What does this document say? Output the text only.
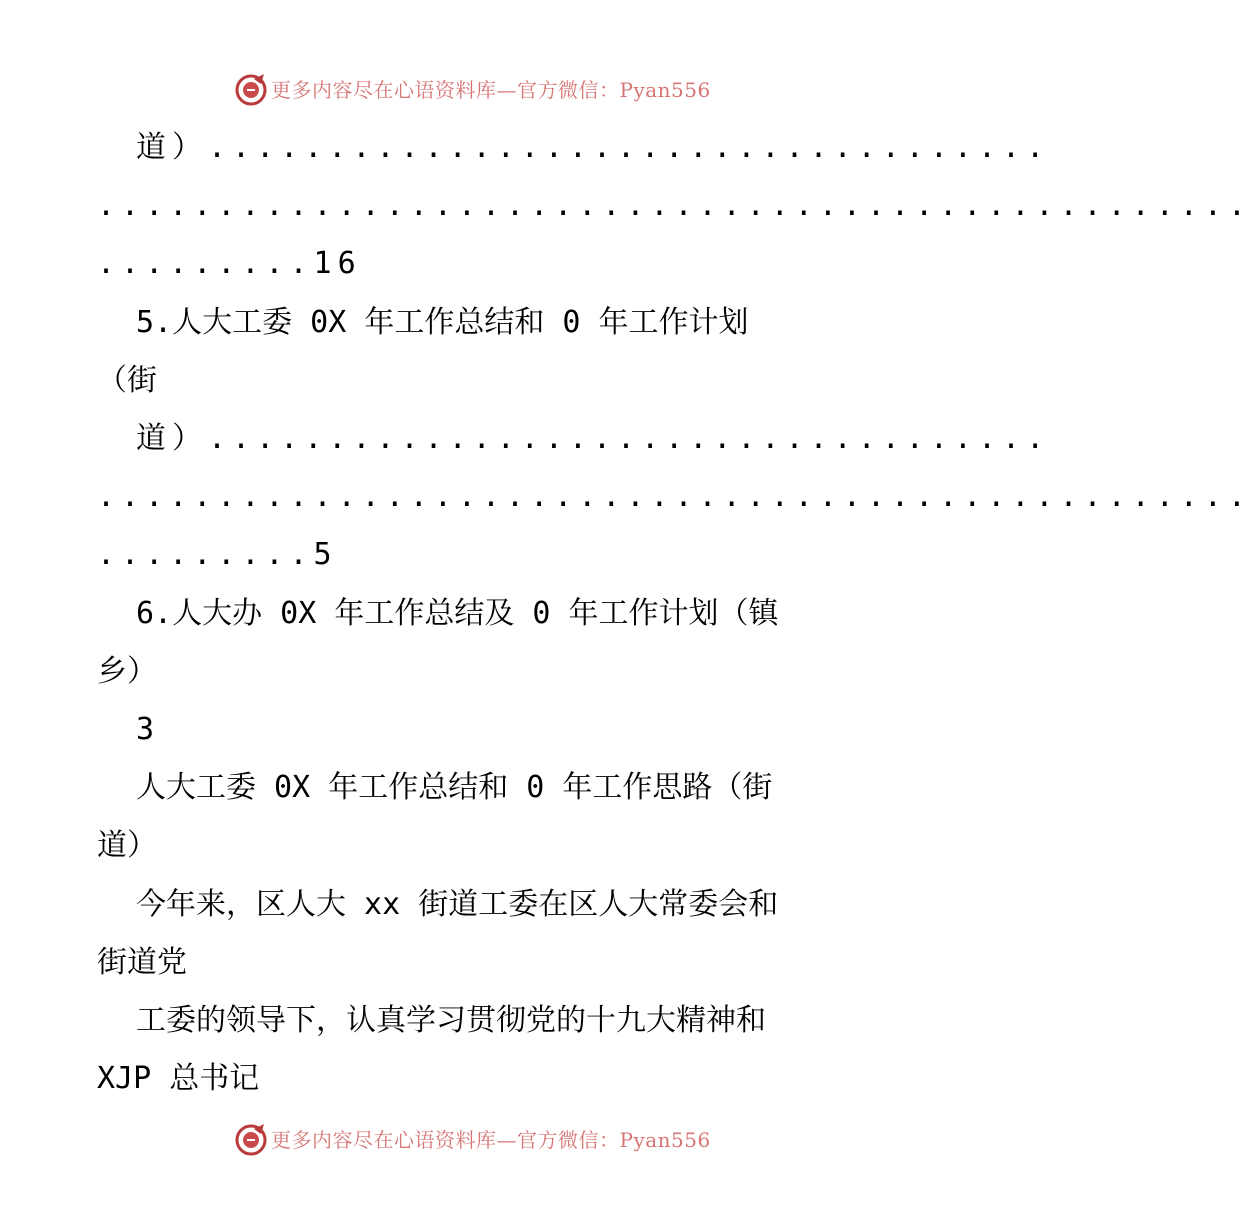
更多内容尽在心语资料库—官方微信：Pyan556
道）...................................
................................................
.........16
5.人大工委 0X 年工作总结和 0 年工作计划
（街
道）...................................
................................................
.........5
6.人大办 0X 年工作总结及 0 年工作计划（镇
乡）
3
人大工委 0X 年工作总结和 0 年工作思路（街
道）
今年来，区人大 xx 街道工委在区人大常委会和
街道党
工委的领导下，认真学习贯彻党的十九大精神和
XJP 总书记
更多内容尽在心语资料库—官方微信：Pyan556
